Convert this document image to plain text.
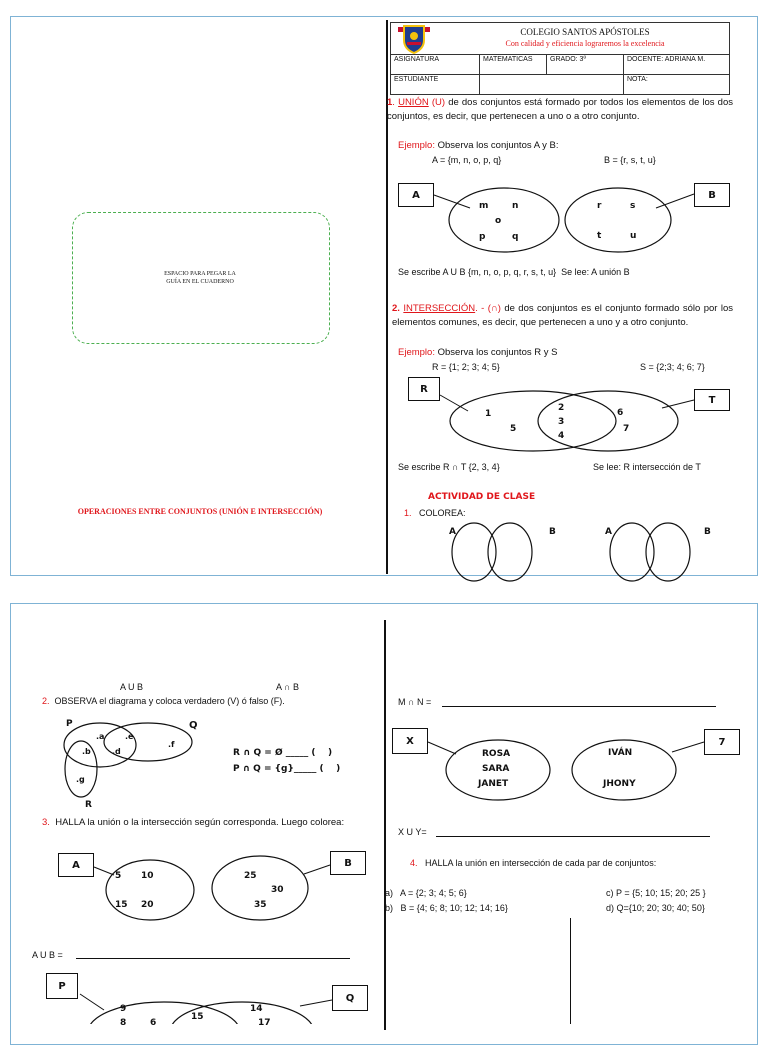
ESPACIO PARA PEGAR LA
GUÍA EN EL CUADERNO
OPERACIONES ENTRE CONJUNTOS (UNIÓN E INTERSECCIÓN)
COLEGIO SANTOS APÓSTOLES
Con calidad y eficiencia lograremos la excelencia
ASIGNATURA	MATEMATICAS	GRADO: 3º	DOCENTE: ADRIANA M.
ESTUDIANTE			NOTA:
1. UNIÓN (U) de dos conjuntos está formado por todos los elementos de los dos conjuntos, es decir, que pertenecen a uno o a otro conjunto.
Ejemplo: Observa los conjuntos A y B:
A = {m, n, o, p, q}	B = {r, s, t, u}
A	B
m	n
o
p	q
r	s
t	u
Se escribe A U B {m, n, o, p, q, r, s, t, u} Se lee: A unión B
2. INTERSECCIÓN. - (∩) de dos conjuntos es el conjunto formado sólo por los elementos comunes, es decir, que pertenecen a uno y a otro conjunto.
Ejemplo: Observa los conjuntos R y S
R = {1; 2; 3; 4; 5}	S = {2;3; 4; 6; 7}
R
T
1
5
2
3
4
6
7
Se escribe R ∩ T {2, 3, 4}	Se lee: R intersección de T
ACTIVIDAD DE CLASE
1. COLOREA:
A	B	A	B
A U B	A ∩ B
2. OBSERVA el diagrama y coloca verdadero (V) ó falso (F).
P	Q
R
.a	.e
.b	.d
.f
.g
R ∩ Q = Ø _____ (    )
P ∩ Q = {g}_____ (    )
3. HALLA la unión o la intersección según corresponda. Luego colorea:
A	B
5 10
15 20
25
30
35
A U B =
P
Q
9
8	6
15
14
17
M ∩ N =
X	7
ROSA
SARA
JANET
IVÁN
JHONY
X U Y=
4. HALLA la unión en intersección de cada par de conjuntos:
a)   A = {2; 3; 4; 5; 6}
b)   B = {4; 6; 8; 10; 12; 14; 16}
c) P = {5; 10; 15; 20; 25 }
d) Q={10; 20; 30; 40; 50}
